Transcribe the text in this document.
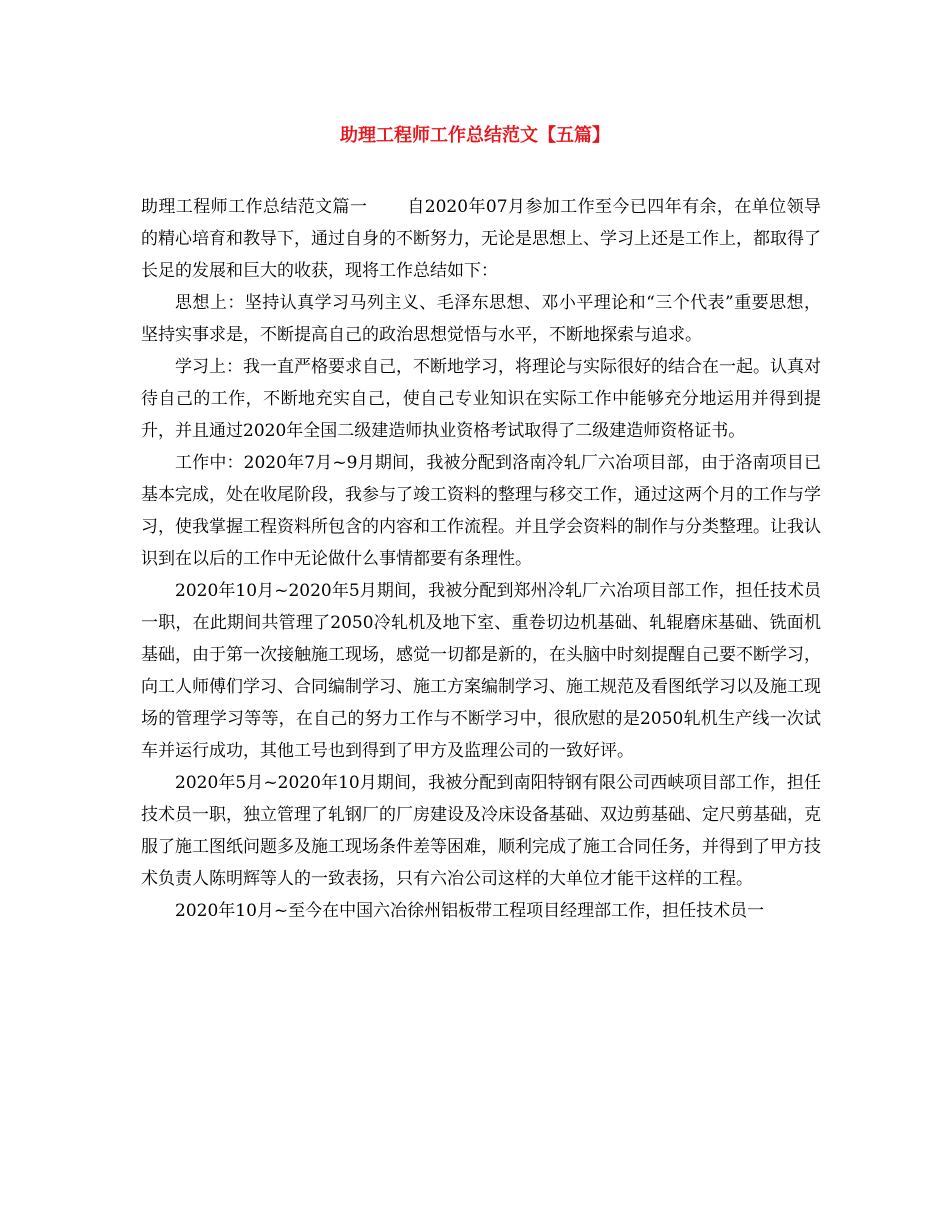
助理工程师工作总结范文【五篇】

助理工程师工作总结范文篇一 自2020年07月参加工作至今已四年有余，在单位领导的精心培育和教导下，通过自身的不断努力，无论是思想上、学习上还是工作上，都取得了长足的发展和巨大的收获，现将工作总结如下：

思想上：坚持认真学习马列主义、毛泽东思想、邓小平理论和“三个代表”重要思想，坚持实事求是，不断提高自己的政治思想觉悟与水平，不断地探索与追求。

学习上：我一直严格要求自己，不断地学习，将理论与实际很好的结合在一起。认真对待自己的工作，不断地充实自己，使自己专业知识在实际工作中能够充分地运用并得到提升，并且通过2020年全国二级建造师执业资格考试取得了二级建造师资格证书。

工作中：2020年7月~9月期间，我被分配到洛南冷轧厂六冶项目部，由于洛南项目已基本完成，处在收尾阶段，我参与了竣工资料的整理与移交工作，通过这两个月的工作与学习，使我掌握工程资料所包含的内容和工作流程。并且学会资料的制作与分类整理。让我认识到在以后的工作中无论做什么事情都要有条理性。

2020年10月~2020年5月期间，我被分配到郑州冷轧厂六冶项目部工作，担任技术员一职，在此期间共管理了2050冷轧机及地下室、重卷切边机基础、轧辊磨床基础、铣面机基础，由于第一次接触施工现场，感觉一切都是新的，在头脑中时刻提醒自己要不断学习，向工人师傅们学习、合同编制学习、施工方案编制学习、施工规范及看图纸学习以及施工现场的管理学习等等，在自己的努力工作与不断学习中，很欣慰的是2050轧机生产线一次试车并运行成功，其他工号也到得到了甲方及监理公司的一致好评。

2020年5月~2020年10月期间，我被分配到南阳特钢有限公司西峡项目部工作，担任技术员一职，独立管理了轧钢厂的厂房建设及冷床设备基础、双边剪基础、定尺剪基础，克服了施工图纸问题多及施工现场条件差等困难，顺利完成了施工合同任务，并得到了甲方技术负责人陈明辉等人的一致表扬，只有六冶公司这样的大单位才能干这样的工程。

2020年10月~至今在中国六冶徐州铝板带工程项目经理部工作，担任技术员一
